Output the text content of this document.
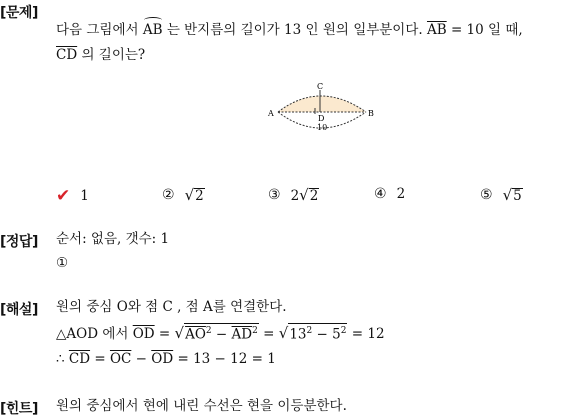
[문제]
다음 그림에서 AB 는 반지름의 길이가 13 인 원의 일부분이다. $\overline{AB} = 10$ 일 때,
$\overline{CD}$ 의 길이는?
A	B
C
D
10
✔ 1	② √2	③ 2√2	④ 2	⑤ √5
[정답] 순서: 없음, 갯수: 1
①
[해설] 원의 중심 O와 점 C , 점 A를 연결한다.
△AOD 에서 $\overline{OD} = √AO^2 - \overline{AD}^2 = √13^2 - 5^2 = 12$
∴ $\overline{CD} = \overline{OC} - \overline{OD} = 13 - 12 = 1$
[힌트] 원의 중심에서 현에 내린 수선은 현을 이등분한다.
